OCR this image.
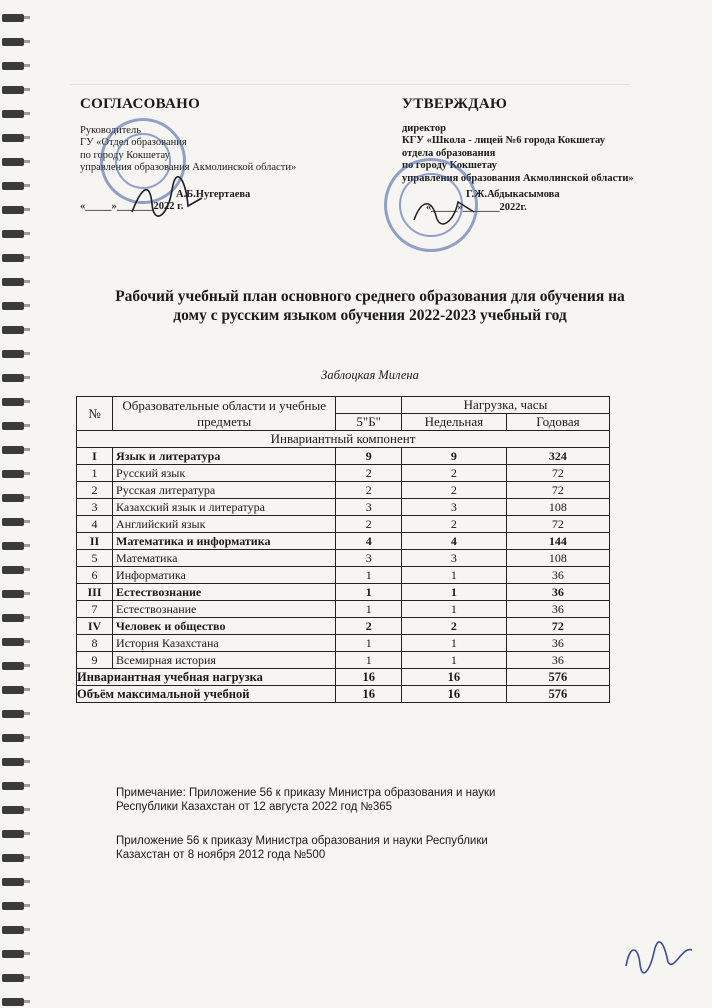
СОГЛАСОВАНО
Руководитель
ГУ «Отдел образования
по городу Кокшетау
управления образования Акмолинской области»
А.Б.Нугертаева
«_____»_______2022 г.
УТВЕРЖДАЮ
директор
КГУ «Школа - лицей №6 города Кокшетау
отдела образования
по городу Кокшетау
управления образования Акмолинской области»
Г.Ж.Абдыкасымова
«_____»_______2022г.
Рабочий учебный план основного среднего образования для обучения на дому с русским языком обучения 2022-2023 учебный год
Заблоцкая Милена
№	Образовательные области и учебные предметы		Нагрузка, часы	
		5"Б"	Недельная	Годовая
Инвариантный компонент				
I	Язык и литература	9	9	324
1	Русский язык	2	2	72
2	Русская литература	2	2	72
3	Казахский язык и литература	3	3	108
4	Английский язык	2	2	72
II	Математика и информатика	4	4	144
5	Математика	3	3	108
6	Информатика	1	1	36
III	Естествознание	1	1	36
7	Естествознание	1	1	36
IV	Человек и общество	2	2	72
8	История Казахстана	1	1	36
9	Всемирная история	1	1	36
Инвариантная учебная нагрузка		16	16	576
Объём максимальной учебной		16	16	576

Примечание: Приложение 56 к приказу Министра образования и науки Республики Казахстан от 12 августа 2022 год №365

Приложение 56 к приказу Министра образования и науки Республики Казахстан от 8 ноября 2012 года №500
